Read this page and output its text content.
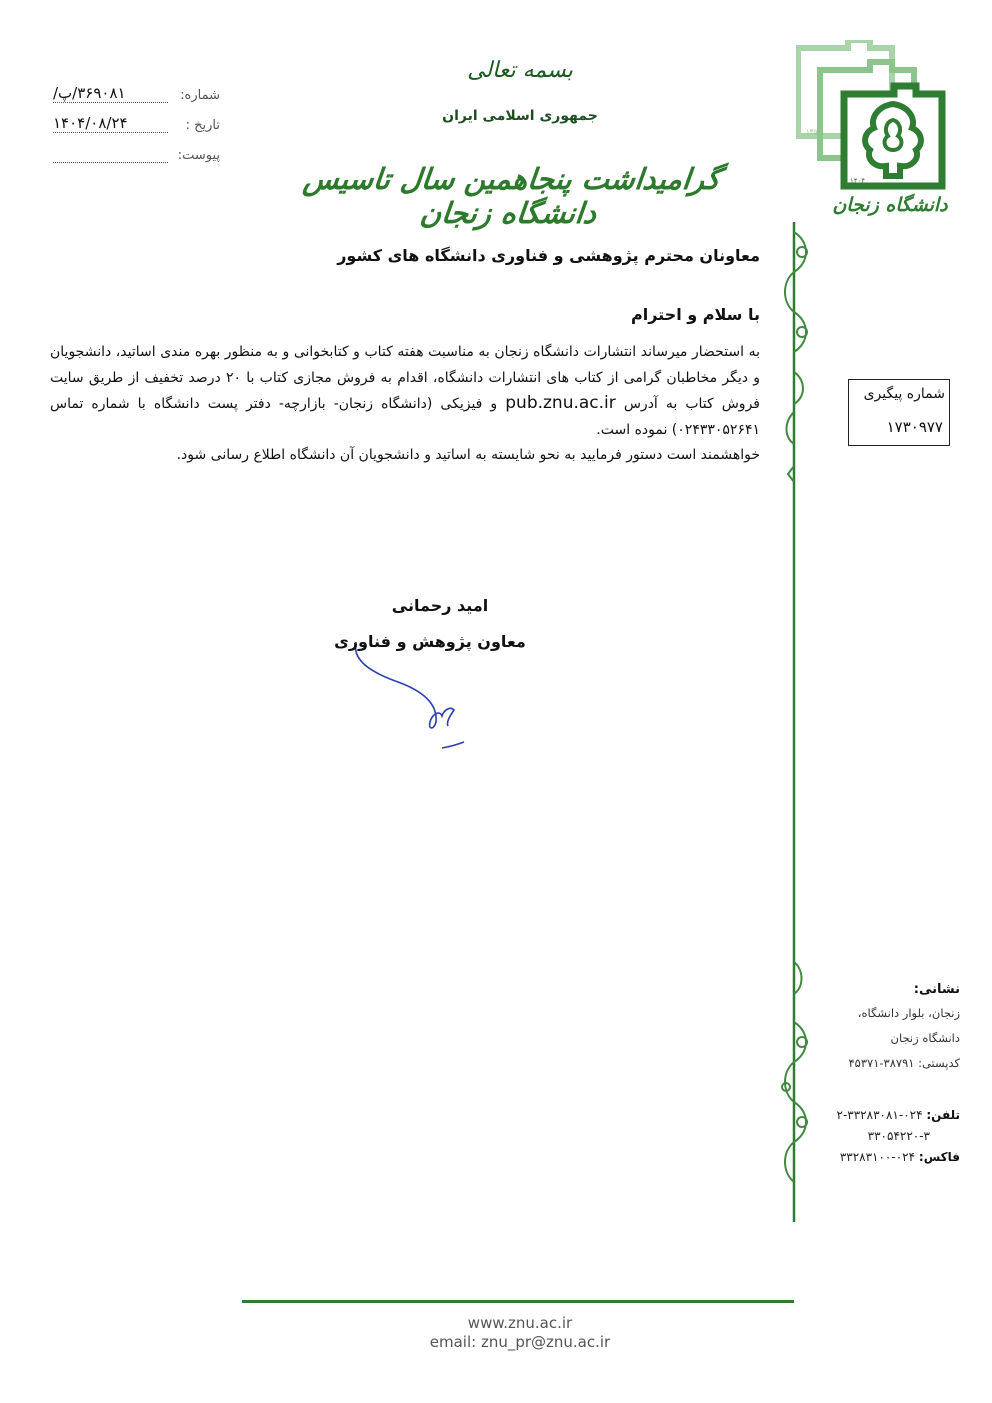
شماره:
۳۶۹۰۸۱/پ/
تاریخ :
۱۴۰۴/۰۸/۲۴
پیوست:
بسمه تعالی
جمهوری اسلامی ایران
گرامیداشت پنجاهمین سال تاسیس دانشگاه زنجان	دانشگاه زنجان
۱۳۵۴
۱۴۰۴
شماره پیگیری
۱۷۳۰۹۷۷
معاونان محترم پژوهشی و فناوری دانشگاه های کشور
با سلام و احترام

به استحضار میرساند انتشارات دانشگاه زنجان به مناسبت هفته کتاب و کتابخوانی و به منظور بهره مندی اساتید، دانشجویان و دیگر مخاطبان گرامی از کتاب های انتشارات دانشگاه، اقدام به فروش مجازی کتاب با ۲۰ درصد تخفیف از طریق سایت فروش کتاب به آدرس pub.znu.ac.ir و فیزیکی (دانشگاه زنجان- بازارچه- دفتر پست دانشگاه با شماره تماس ۰۲۴۳۳۰۵۲۶۴۱) نموده است.

خواهشمند است دستور فرمایید به نحو شایسته به اساتید و دانشجویان آن دانشگاه اطلاع رسانی شود.

امید رحمانی
معاون پژوهش و فناوری
نشانی:
زنجان، بلوار دانشگاه،
دانشگاه زنجان
کدپستی: ۳۸۷۹۱-۴۵۳۷۱
تلفن: ۰۲۴-۳۳۲۸۳۰۸۱-۲
۳۳۰۵۴۲۲۰-۳
فاکس: ۰۲۴-۳۳۲۸۳۱۰۰
www.znu.ac.ir
email: znu_pr@znu.ac.ir
